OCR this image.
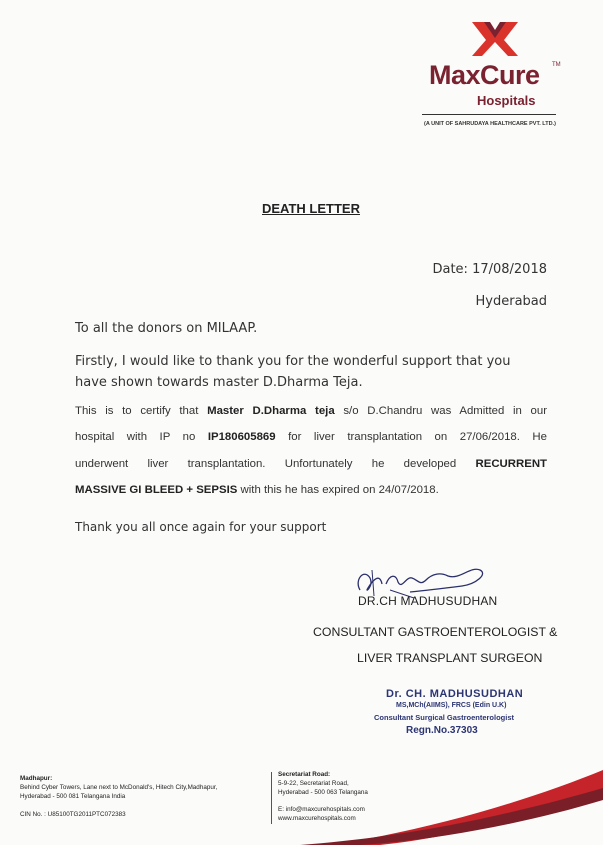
MaxCure TM
Hospitals
(A UNIT OF SAHRUDAYA HEALTHCARE PVT. LTD.)
DEATH LETTER
Date: 17/08/2018
Hyderabad
To all the donors on MILAAP.
Firstly, I would like to thank you for the wonderful support that you
have shown towards master D.Dharma Teja.
This is to certify that Master D.Dharma teja s/o D.Chandru was Admitted in our
hospital with IP no IP180605869 for liver transplantation on 27/06/2018. He
underwent liver transplantation. Unfortunately he developed RECURRENT
MASSIVE GI BLEED + SEPSIS with this he has expired on 24/07/2018.
Thank you all once again for your support
DR.CH MADHUSUDHAN
CONSULTANT GASTROENTEROLOGIST &
LIVER TRANSPLANT SURGEON
Dr. CH. MADHUSUDHAN
MS,MCh(AIIMS), FRCS (Edin U.K)
Consultant Surgical Gastroenterologist
Regn.No.37303
Madhapur:
Behind Cyber Towers, Lane next to McDonald's, Hitech City,Madhapur,
Hyderabad - 500 081 Telangana India
CIN No. : U85100TG2011PTC072383
Secretariat Road:
5-9-22, Secretariat Road,
Hyderabad - 500 063 Telangana
E: info@maxcurehospitals.com
www.maxcurehospitals.com
